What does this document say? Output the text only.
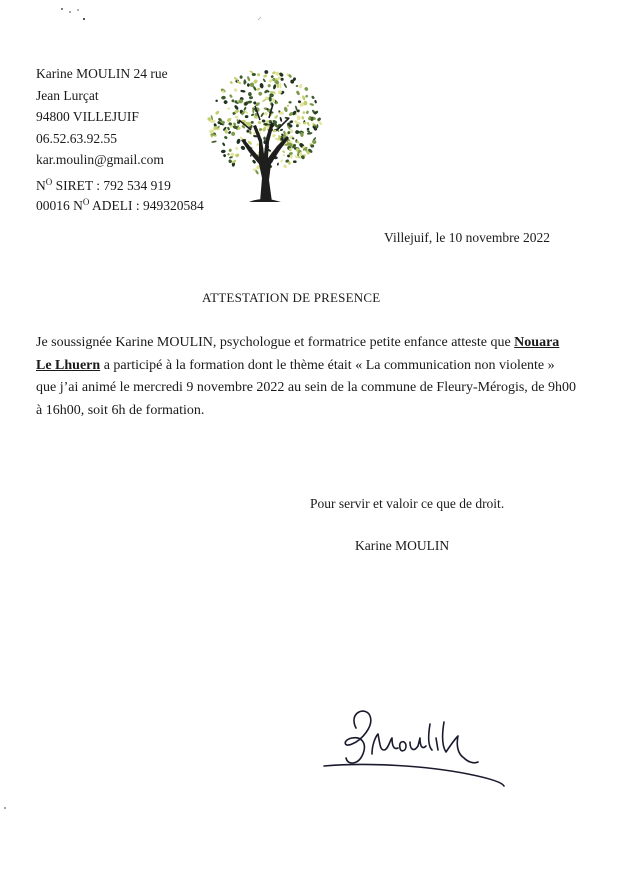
Karine MOULIN 24 rue
Jean Lurçat
94800 VILLEJUIF
06.52.63.92.55
kar.moulin@gmail.com
$N^O$ SIRET : 792 534 919 00016 $N^O$ ADELI : 949320584
Villejuif, le 10 novembre 2022
ATTESTATION DE PRESENCE

Je soussignée Karine MOULIN, psychologue et formatrice petite enfance atteste que Nouara Le Lhuern a participé à la formation dont le thème était « La communication non violente » que j’ai animé le mercredi 9 novembre 2022 au sein de la commune de Fleury-Mérogis, de 9h00 à 16h00, soit 6h de formation.

Pour servir et valoir ce que de droit.
Karine MOULIN
